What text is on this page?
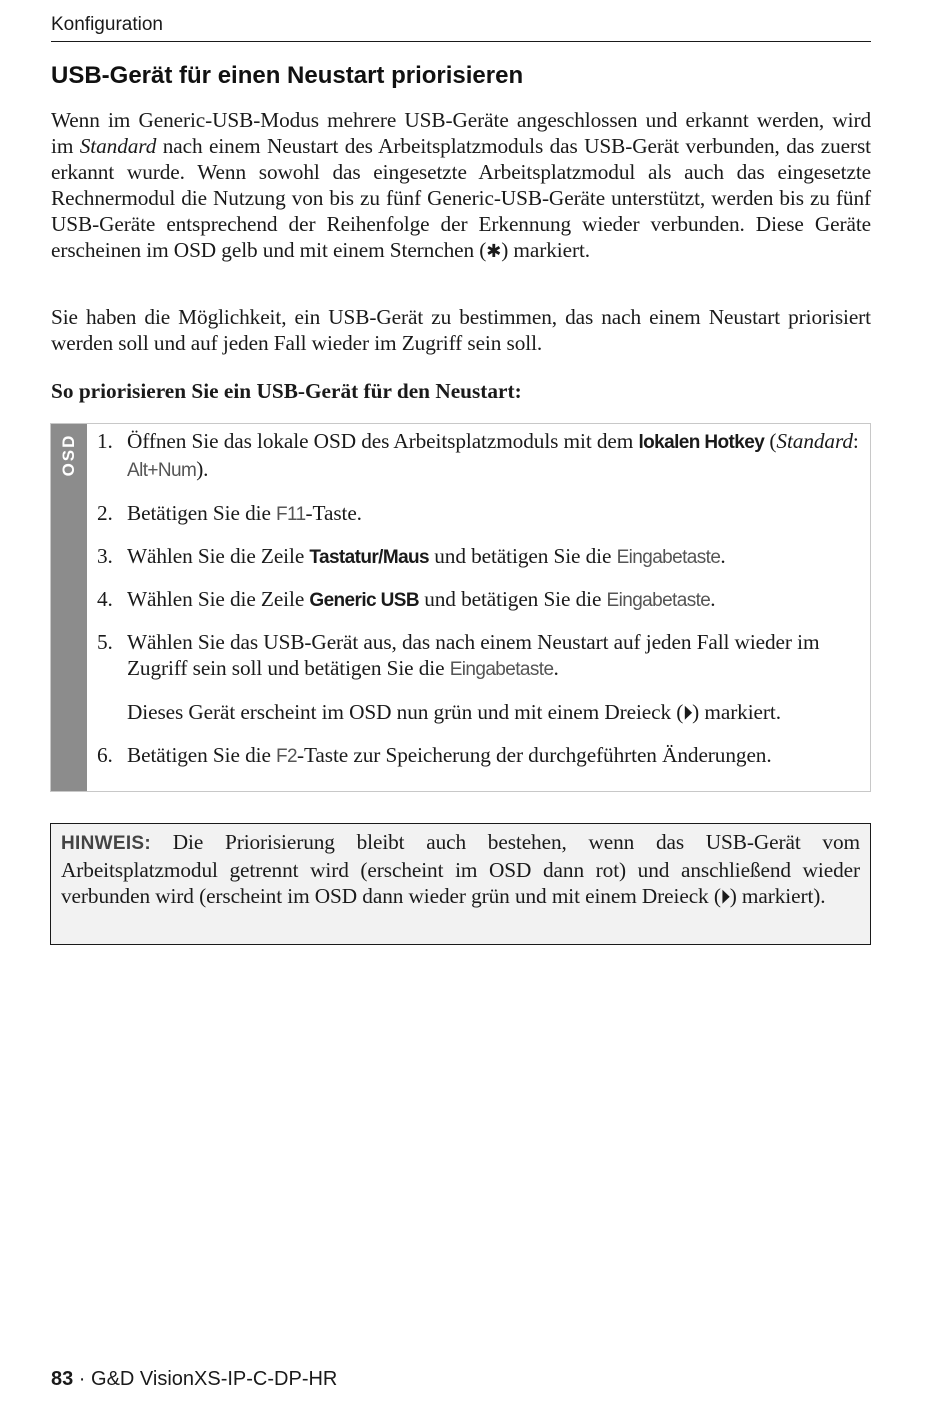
Konfiguration
USB-Gerät für einen Neustart priorisieren

Wenn im Generic-USB-Modus mehrere USB-Geräte angeschlossen und erkannt werden, wird im Standard nach einem Neustart des Arbeitsplatzmoduls das USB-Gerät verbunden, das zuerst erkannt wurde. Wenn sowohl das eingesetzte Arbeitsplatzmodul als auch das eingesetzte Rechnermodul die Nutzung von bis zu fünf Generic-USB-Geräte unterstützt, werden bis zu fünf USB-Geräte entsprechend der Reihenfolge der Erkennung wieder verbunden. Diese Geräte erscheinen im OSD gelb und mit einem Sternchen (✱) markiert.

Sie haben die Möglichkeit, ein USB-Gerät zu bestimmen, das nach einem Neustart priorisiert werden soll und auf jeden Fall wieder im Zugriff sein soll.

So priorisieren Sie ein USB-Gerät für den Neustart:

OSD 1. Öffnen Sie das lokale OSD des Arbeitsplatzmoduls mit dem lokalen Hotkey (Standard: Alt+Num).
2. Betätigen Sie die F11-Taste.
3. Wählen Sie die Zeile Tastatur/Maus und betätigen Sie die Eingabetaste.
4. Wählen Sie die Zeile Generic USB und betätigen Sie die Eingabetaste.
5. Wählen Sie das USB-Gerät aus, das nach einem Neustart auf jeden Fall wieder im Zugriff sein soll und betätigen Sie die Eingabetaste.
Dieses Gerät erscheint im OSD nun grün und mit einem Dreieck (⏵) markiert.
6. Betätigen Sie die F2-Taste zur Speicherung der durchgeführten Änderungen.

HINWEIS: Die Priorisierung bleibt auch bestehen, wenn das USB-Gerät vom Arbeitsplatzmodul getrennt wird (erscheint im OSD dann rot) und anschließend wieder verbunden wird (erscheint im OSD dann wieder grün und mit einem Dreieck (⏵) markiert).

83 · G&D VisionXS-IP-C-DP-HR
